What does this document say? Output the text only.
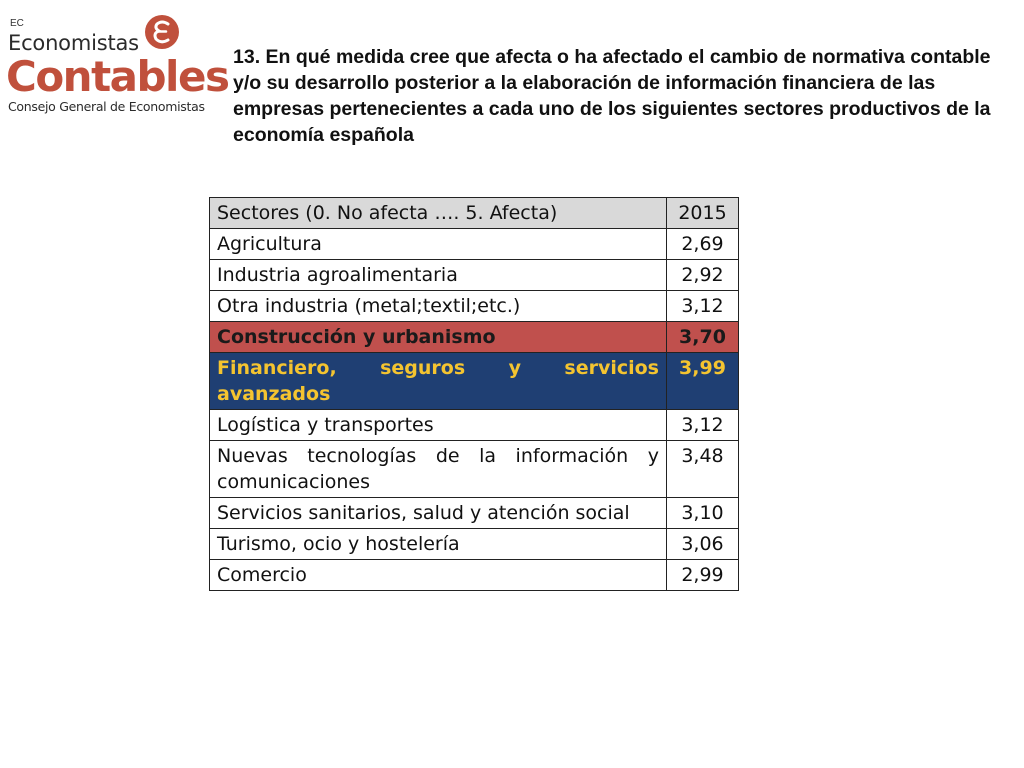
EC
Economistas
Contables
Consejo General de Economistas
13. En qué medida cree que afecta o ha afectado el cambio de normativa contable y/o su desarrollo posterior a la elaboración de información financiera de las empresas pertenecientes a cada uno de los siguientes sectores productivos de la economía española
Sectores (0. No afecta …. 5. Afecta)	2015
Agricultura	2,69
Industria agroalimentaria	2,92
Otra industria (metal;textil;etc.)	3,12
Construcción y urbanismo	3,70
Financiero, seguros y servicios avanzados	3,99
Logística y transportes	3,12
Nuevas tecnologías de la información y comunicaciones	3,48
Servicios sanitarios, salud y atención social	3,10
Turismo, ocio y hostelería	3,06
Comercio	2,99
